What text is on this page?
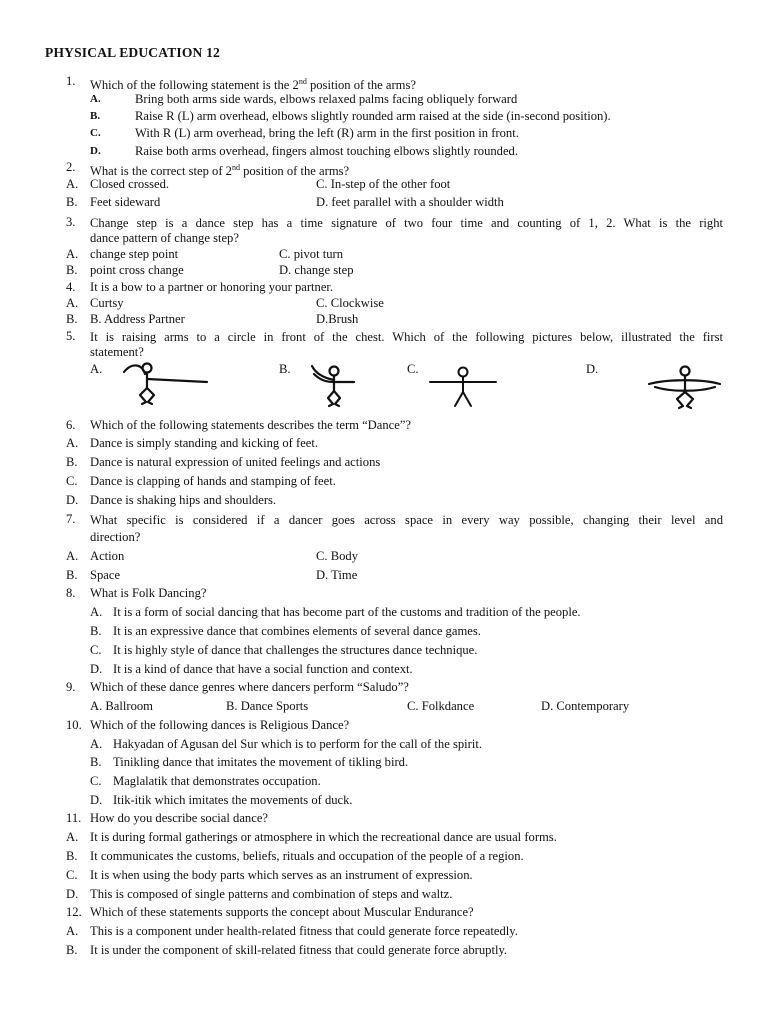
PHYSICAL EDUCATION 12
1. Which of the following statement is the 2nd position of the arms?
A.	Bring both arms side wards, elbows relaxed palms facing obliquely forward
B.	Raise R (L) arm overhead, elbows slightly rounded arm raised at the side (in-second position).
C.	With R (L) arm overhead, bring the left (R) arm in the first position in front.
D.	Raise both arms overhead, fingers almost touching elbows slightly rounded.
2. What is the correct step of 2nd position of the arms?
A. Closed crossed.	C. In-step of the other foot
B. Feet sideward	D. feet parallel with a shoulder width
3. Change step is a dance step has a time signature of two four time and counting of 1, 2. What is the right
dance pattern of change step?
A. change step point	C. pivot turn
B. point cross change	D. change step
4. It is a bow to a partner or honoring your partner.
A. Curtsy	C. Clockwise
B. B. Address Partner	D.Brush
5. It is raising arms to a circle in front of the chest. Which of the following pictures below, illustrated the first
statement?
A.	B.	C.	D.
6. Which of the following statements describes the term “Dance”?
A. Dance is simply standing and kicking of feet.
B. Dance is natural expression of united feelings and actions
C. Dance is clapping of hands and stamping of feet.
D. Dance is shaking hips and shoulders.
7. What specific is considered if a dancer goes across space in every way possible, changing their level and
direction?
A. Action	C. Body
B. Space	D. Time
8. What is Folk Dancing?
A. It is a form of social dancing that has become part of the customs and tradition of the people.
B. It is an expressive dance that combines elements of several dance games.
C. It is highly style of dance that challenges the structures dance technique.
D. It is a kind of dance that have a social function and context.
9. Which of these dance genres where dancers perform “Saludo”?
A. Ballroom	B. Dance Sports	C. Folkdance	D. Contemporary
10. Which of the following dances is Religious Dance?
A. Hakyadan of Agusan del Sur which is to perform for the call of the spirit.
B. Tinikling dance that imitates the movement of tikling bird.
C. Maglalatik that demonstrates occupation.
D. Itik-itik which imitates the movements of duck.
11. How do you describe social dance?
A. It is during formal gatherings or atmosphere in which the recreational dance are usual forms.
B. It communicates the customs, beliefs, rituals and occupation of the people of a region.
C. It is when using the body parts which serves as an instrument of expression.
D. This is composed of single patterns and combination of steps and waltz.
12. Which of these statements supports the concept about Muscular Endurance?
A. This is a component under health-related fitness that could generate force repeatedly.
B. It is under the component of skill-related fitness that could generate force abruptly.
